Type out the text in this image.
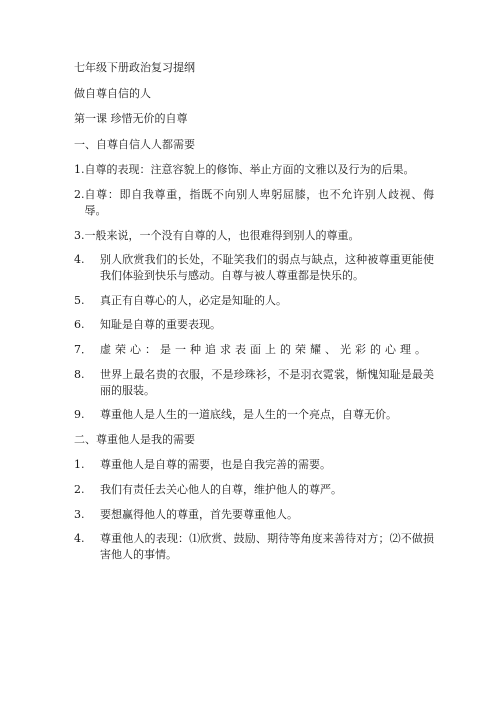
七年级下册政治复习提纲
做自尊自信的人
第一课 珍惜无价的自尊
一、自尊自信人人都需要
1. 自尊的表现：注意容貌上的修饰、举止方面的文雅以及行为的后果。
2. 自尊：即自我尊重，指既不向别人卑躬屈膝，也不允许别人歧视、侮辱。
3. 一般来说，一个没有自尊的人，也很难得到别人的尊重。
4.	别人欣赏我们的长处，不耻笑我们的弱点与缺点，这种被尊重更能使我们体验到快乐与感动。自尊与被人尊重都是快乐的。
5.	真正有自尊心的人，必定是知耻的人。
6.	知耻是自尊的重要表现。
7． 虚荣心：是一种追求表面上的荣耀、光彩的心理。
8.	世界上最名贵的衣服，不是珍珠衫，不是羽衣霓裳，惭愧知耻是最美丽的服装。
9.	尊重他人是人生的一道底线，是人生的一个亮点，自尊无价。
二、尊重他人是我的需要
1.	尊重他人是自尊的需要，也是自我完善的需要。
2.	我们有责任去关心他人的自尊，维护他人的尊严。
3.	要想赢得他人的尊重，首先要尊重他人。
4.	尊重他人的表现：⑴欣赏、鼓励、期待等角度来善待对方；⑵不做损害他人的事情。
